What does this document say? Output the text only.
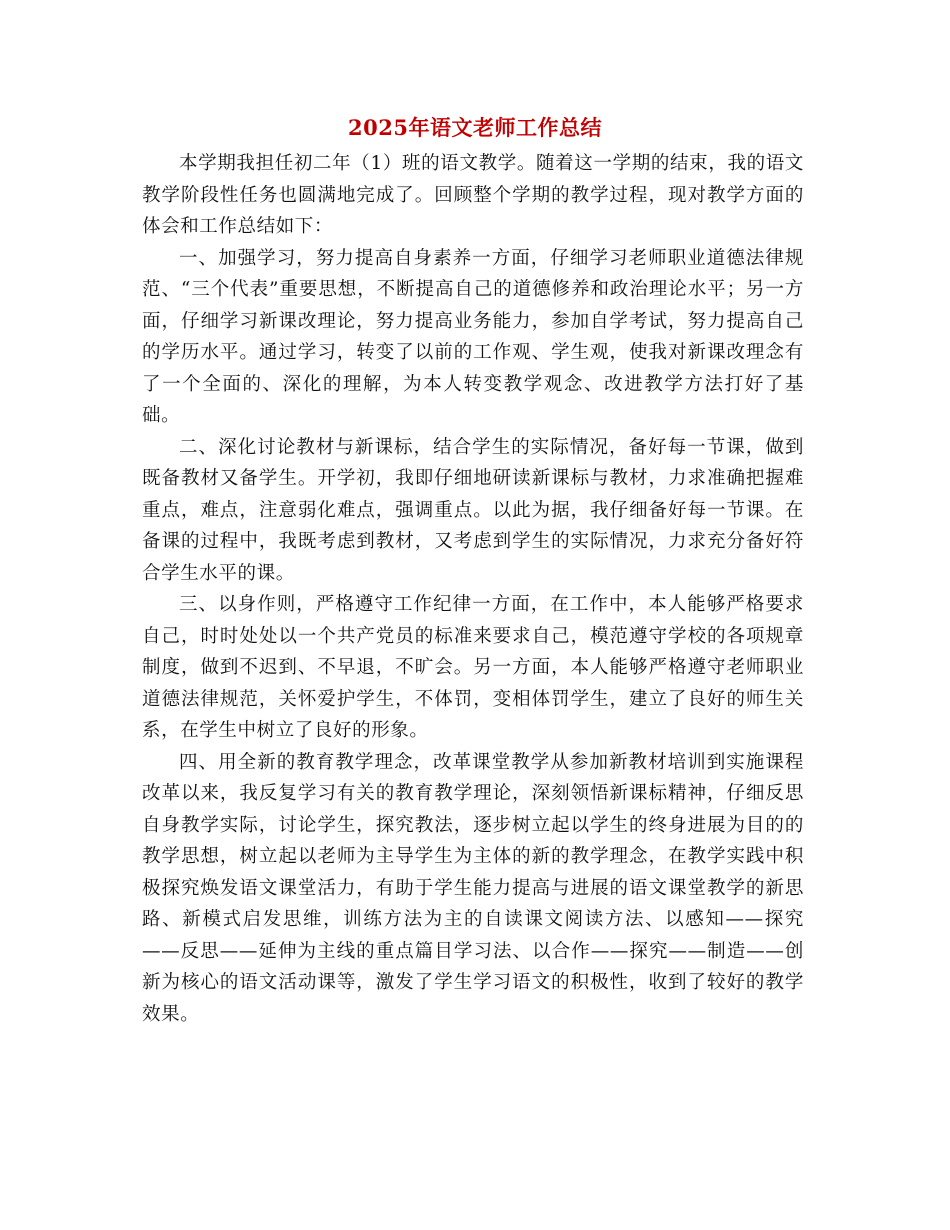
2025年语文老师工作总结

本学期我担任初二年（1）班的语文教学。随着这一学期的结束，我的语文教学阶段性任务也圆满地完成了。回顾整个学期的教学过程，现对教学方面的体会和工作总结如下：

一、加强学习，努力提高自身素养一方面，仔细学习老师职业道德法律规范、“三个代表”重要思想，不断提高自己的道德修养和政治理论水平；另一方面，仔细学习新课改理论，努力提高业务能力，参加自学考试，努力提高自己的学历水平。通过学习，转变了以前的工作观、学生观，使我对新课改理念有了一个全面的、深化的理解，为本人转变教学观念、改进教学方法打好了基础。

二、深化讨论教材与新课标，结合学生的实际情况，备好每一节课，做到既备教材又备学生。开学初，我即仔细地研读新课标与教材，力求准确把握难重点，难点，注意弱化难点，强调重点。以此为据，我仔细备好每一节课。在备课的过程中，我既考虑到教材，又考虑到学生的实际情况，力求充分备好符合学生水平的课。

三、以身作则，严格遵守工作纪律一方面，在工作中，本人能够严格要求自己，时时处处以一个共产党员的标准来要求自己，模范遵守学校的各项规章制度，做到不迟到、不早退，不旷会。另一方面，本人能够严格遵守老师职业道德法律规范，关怀爱护学生，不体罚，变相体罚学生，建立了良好的师生关系，在学生中树立了良好的形象。

四、用全新的教育教学理念，改革课堂教学从参加新教材培训到实施课程改革以来，我反复学习有关的教育教学理论，深刻领悟新课标精神，仔细反思自身教学实际，讨论学生，探究教法，逐步树立起以学生的终身进展为目的的教学思想，树立起以老师为主导学生为主体的新的教学理念，在教学实践中积极探究焕发语文课堂活力，有助于学生能力提高与进展的语文课堂教学的新思路、新模式启发思维，训练方法为主的自读课文阅读方法、以感知——探究——反思——延伸为主线的重点篇目学习法、以合作——探究——制造——创新为核心的语文活动课等，激发了学生学习语文的积极性，收到了较好的教学效果。
